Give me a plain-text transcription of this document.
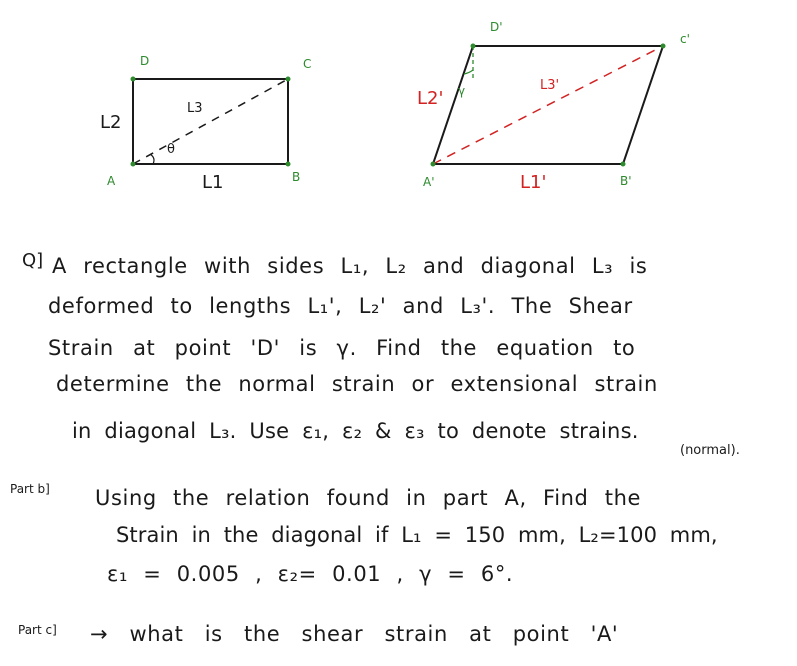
D	C
A	B
L2
L3
L1
θ
D'
c'
A'	B'
L2'
L3'
L1'
γ
Q] A rectangle with sides L₁, L₂ and diagonal L₃ is
deformed to lengths L₁', L₂' and L₃'. The Shear
Strain at point 'D' is γ. Find the equation to
determine the normal strain or extensional strain
in diagonal L₃. Use ε₁, ε₂ & ε₃ to denote strains.
(normal).
Part b] Using the relation found in part A, Find the
Strain in the diagonal if L₁ = 150 mm, L₂=100 mm,
ε₁ = 0.005 , ε₂= 0.01 , γ = 6°.
Part c] → what is the shear strain at point 'A'
